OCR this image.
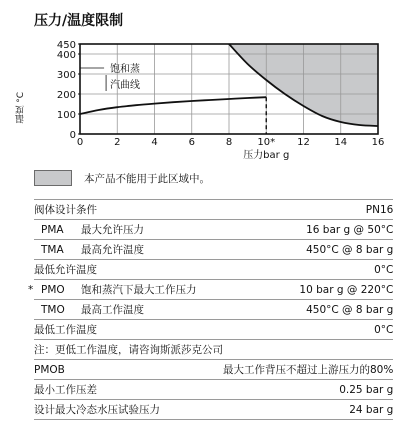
压力/温度限制
温度 °C
饱和蒸
汽曲线
0	2	4	6	8	10* 12 14 16
0
100
200
300
400
450
压力bar g
本产品不能用于此区域中。
阀体设计条件		PN16
PMA	最大允许压力	16 bar g @ 50°C
TMA	最高允许温度	450°C @ 8 bar g
最低允许温度		0°C

* PMO	饱和蒸汽下最大工作压力	10 bar g @ 220°C
TMO	最高工作温度	450°C @ 8 bar g
最低工作温度		0°C
注：更低工作温度，请咨询斯派莎克公司		
PMOB		最大工作背压不超过上游压力的80%
最小工作压差		0.25 bar g
设计最大冷态水压试验压力		24 bar g
